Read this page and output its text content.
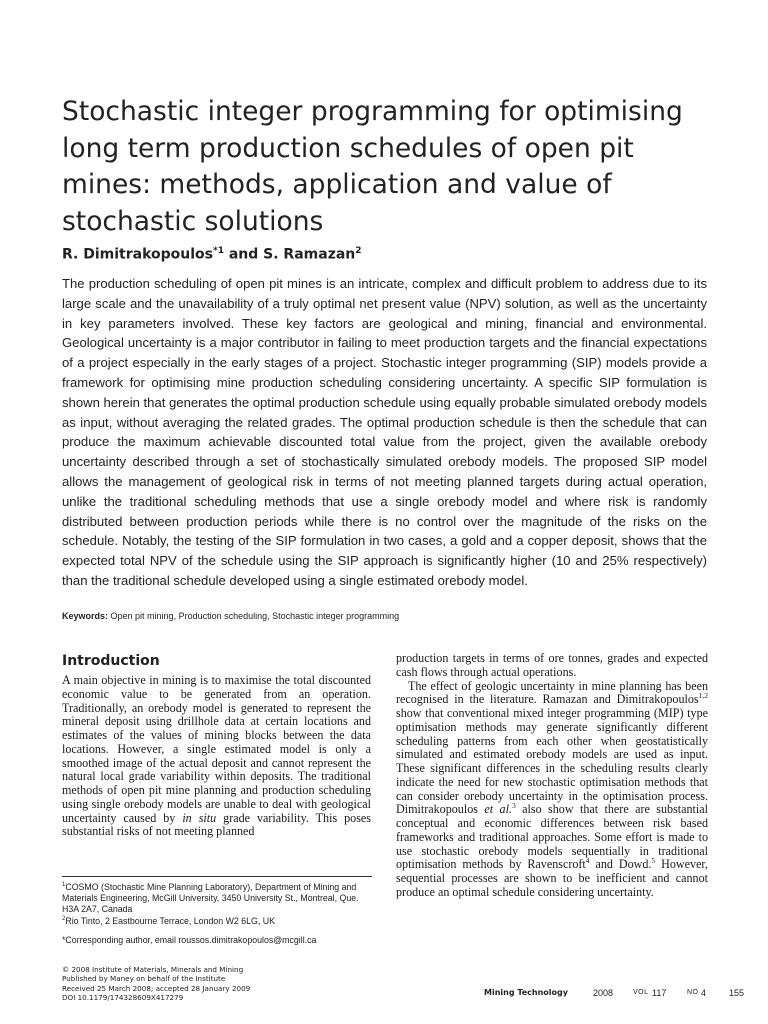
Stochastic integer programming for optimising long term production schedules of open pit mines: methods, application and value of stochastic solutions

R. Dimitrakopoulos$^{*1}$ and S. Ramazan$^2$

The production scheduling of open pit mines is an intricate, complex and difficult problem to address due to its large scale and the unavailability of a truly optimal net present value (NPV) solution, as well as the uncertainty in key parameters involved. These key factors are geological and mining, financial and environmental. Geological uncertainty is a major contributor in failing to meet production targets and the financial expectations of a project especially in the early stages of a project. Stochastic integer programming (SIP) models provide a framework for optimising mine production scheduling considering uncertainty. A specific SIP formulation is shown herein that generates the optimal production schedule using equally probable simulated orebody models as input, without averaging the related grades. The optimal production schedule is then the schedule that can produce the maximum achievable discounted total value from the project, given the available orebody uncertainty described through a set of stochastically simulated orebody models. The proposed SIP model allows the management of geological risk in terms of not meeting planned targets during actual operation, unlike the traditional scheduling methods that use a single orebody model and where risk is randomly distributed between production periods while there is no control over the magnitude of the risks on the schedule. Notably, the testing of the SIP formulation in two cases, a gold and a copper deposit, shows that the expected total NPV of the schedule using the SIP approach is significantly higher (10 and 25% respectively) than the traditional schedule developed using a single estimated orebody model.

Keywords: Open pit mining, Production scheduling, Stochastic integer programming

Introduction

A main objective in mining is to maximise the total discounted economic value to be generated from an operation. Traditionally, an orebody model is generated to represent the mineral deposit using drillhole data at certain locations and estimates of the values of mining blocks between the data locations. However, a single estimated model is only a smoothed image of the actual deposit and cannot represent the natural local grade variability within deposits. The traditional methods of open pit mine planning and production scheduling using single orebody models are unable to deal with geological uncertainty caused by in situ grade variability. This poses substantial risks of not meeting planned

production targets in terms of ore tonnes, grades and expected cash flows through actual operations.
The effect of geologic uncertainty in mine planning has been recognised in the literature. Ramazan and Dimitrakopoulos$^{1,2}$ show that conventional mixed integer programming (MIP) type optimisation methods may generate significantly different scheduling patterns from each other when geostatistically simulated and estimated orebody models are used as input. These significant differences in the scheduling results clearly indicate the need for new stochastic optimisation methods that can consider orebody uncertainty in the optimisation process. Dimitrakopoulos et al.$^3$ also show that there are substantial conceptual and economic differences between risk based frameworks and traditional approaches. Some effort is made to use stochastic orebody models sequentially in traditional optimisation methods by Ravenscroft$^4$ and Dowd.$^5$ However, sequential processes are shown to be inefficient and cannot produce an optimal schedule considering uncertainty.

$^1$COSMO (Stochastic Mine Planning Laboratory), Department of Mining and Materials Engineering, McGill University, 3450 University St., Montreal, Que. H3A 2A7, Canada

$^2$Rio Tinto, 2 Eastbourne Terrace, London W2 6LG, UK

*Corresponding author, email roussos.dimitrakopoulos@mcgill.ca

© 2008 Institute of Materials, Minerals and Mining
Published by Maney on behalf of the Institute
Received 25 March 2008; accepted 28 January 2009
DOI 10.1179/174328609X417279
Mining Technology	2008	VOL 117	NO 4	155
